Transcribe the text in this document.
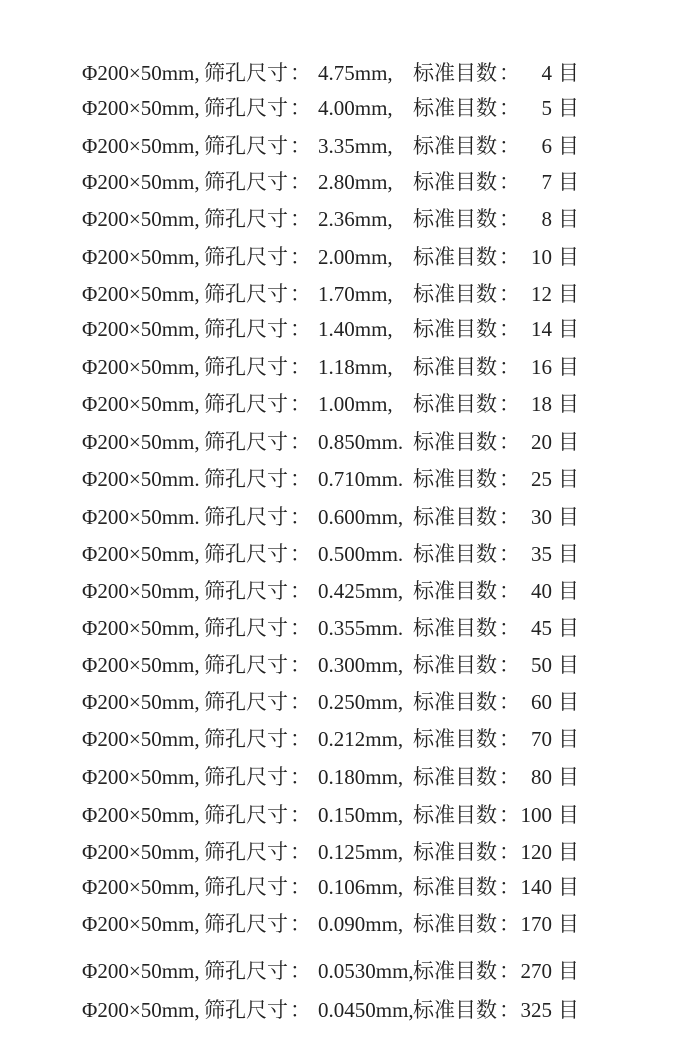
Φ200×50mm, 筛孔尺寸： 4.75mm, 标准目数： 4 目
Φ200×50mm, 筛孔尺寸： 4.00mm, 标准目数： 5 目
Φ200×50mm, 筛孔尺寸： 3.35mm, 标准目数： 6 目
Φ200×50mm, 筛孔尺寸： 2.80mm, 标准目数： 7 目
Φ200×50mm, 筛孔尺寸： 2.36mm, 标准目数： 8 目
Φ200×50mm, 筛孔尺寸： 2.00mm, 标准目数： 10 目
Φ200×50mm, 筛孔尺寸： 1.70mm, 标准目数： 12 目
Φ200×50mm, 筛孔尺寸： 1.40mm, 标准目数： 14 目
Φ200×50mm, 筛孔尺寸： 1.18mm, 标准目数： 16 目
Φ200×50mm, 筛孔尺寸： 1.00mm, 标准目数： 18 目
Φ200×50mm, 筛孔尺寸： 0.850mm. 标准目数： 20 目
Φ200×50mm. 筛孔尺寸： 0.710mm. 标准目数： 25 目
Φ200×50mm. 筛孔尺寸： 0.600mm, 标准目数： 30 目
Φ200×50mm, 筛孔尺寸： 0.500mm. 标准目数： 35 目
Φ200×50mm, 筛孔尺寸： 0.425mm, 标准目数： 40 目
Φ200×50mm, 筛孔尺寸： 0.355mm. 标准目数： 45 目
Φ200×50mm, 筛孔尺寸： 0.300mm, 标准目数： 50 目
Φ200×50mm, 筛孔尺寸： 0.250mm, 标准目数： 60 目
Φ200×50mm, 筛孔尺寸： 0.212mm, 标准目数： 70 目
Φ200×50mm, 筛孔尺寸： 0.180mm, 标准目数： 80 目
Φ200×50mm, 筛孔尺寸： 0.150mm, 标准目数： 100 目
Φ200×50mm, 筛孔尺寸： 0.125mm, 标准目数： 120 目
Φ200×50mm, 筛孔尺寸： 0.106mm, 标准目数： 140 目
Φ200×50mm, 筛孔尺寸： 0.090mm, 标准目数： 170 目
Φ200×50mm, 筛孔尺寸： 0.0530mm, 标准目数： 270 目
Φ200×50mm, 筛孔尺寸： 0.0450mm, 标准目数： 325 目
